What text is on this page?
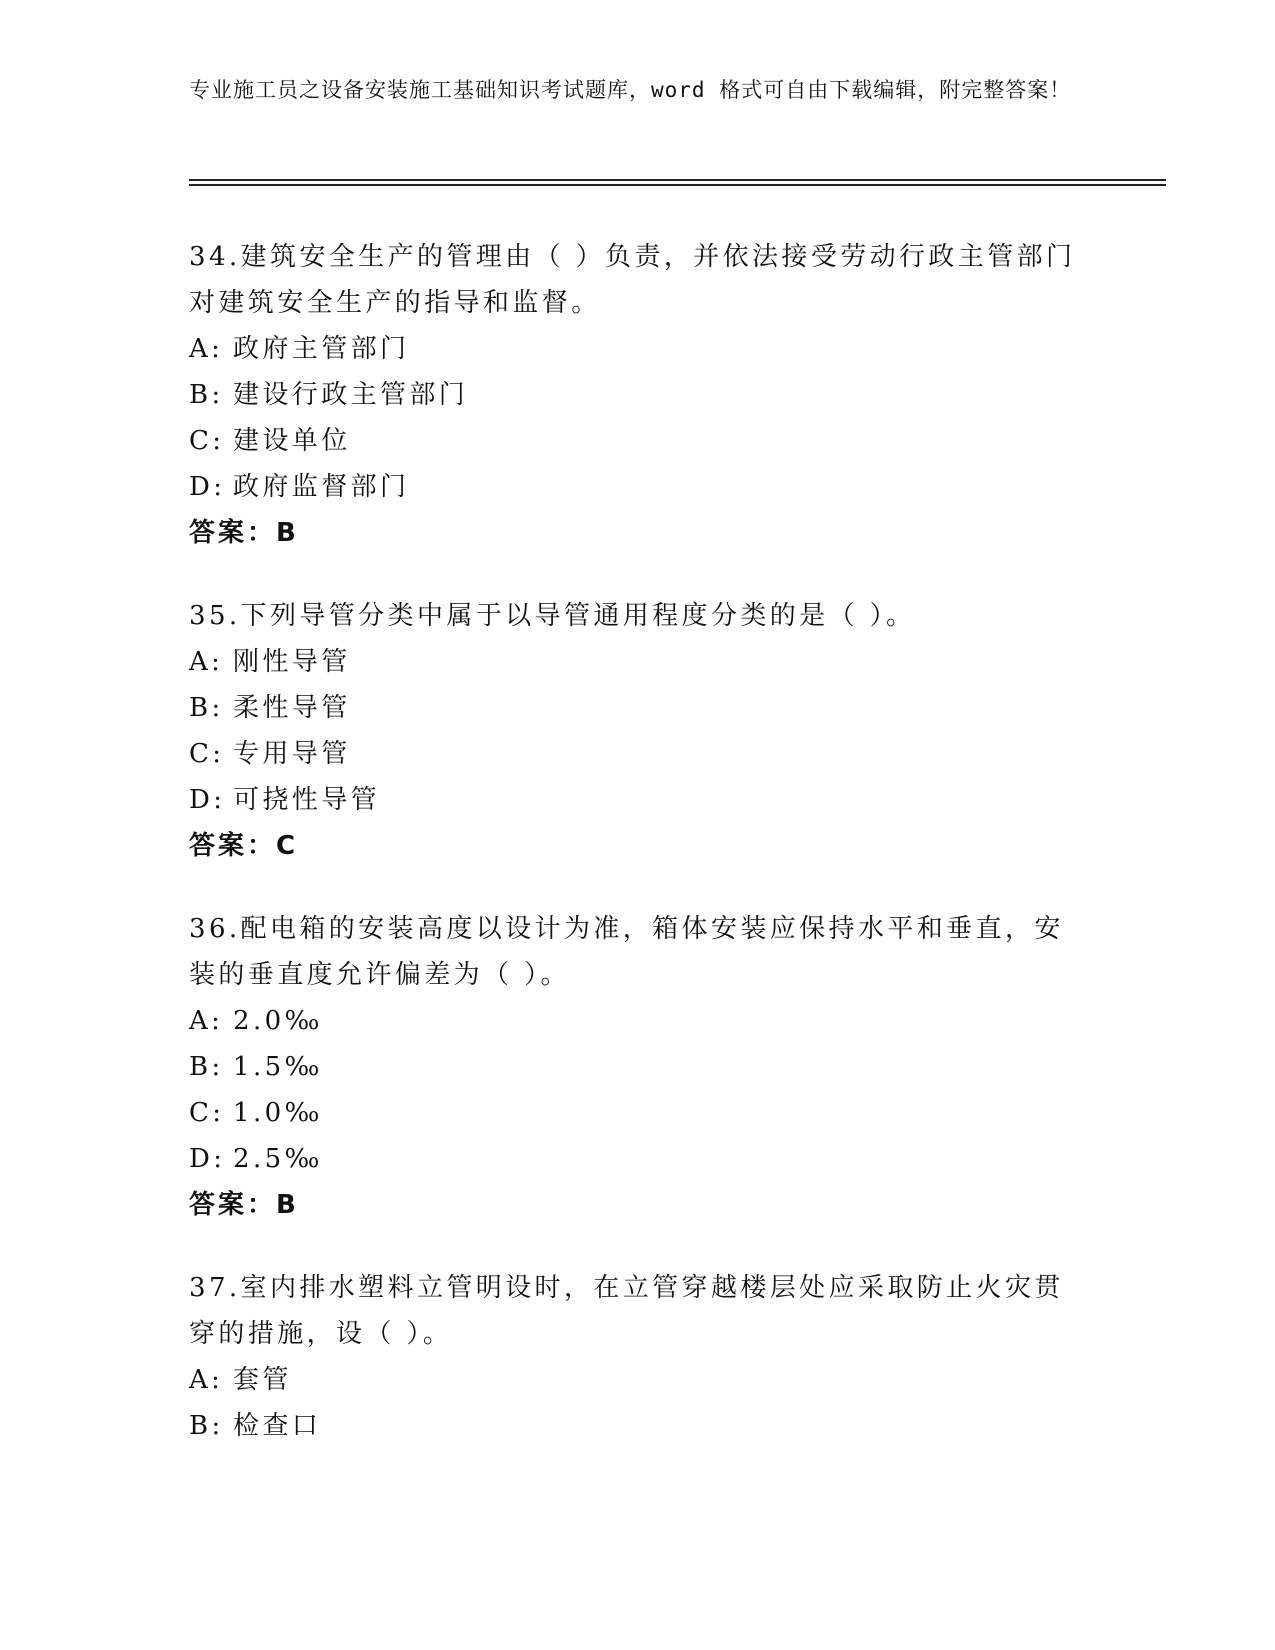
专业施工员之设备安装施工基础知识考试题库，word 格式可自由下载编辑，附完整答案！

34.建筑安全生产的管理由（ ）负责，并依法接受劳动行政主管部门对建筑安全生产的指导和监督。

A: 政府主管部门
B: 建设行政主管部门
C: 建设单位
D: 政府监督部门
答案：B

35.下列导管分类中属于以导管通用程度分类的是（ ）。

A: 刚性导管
B: 柔性导管
C: 专用导管
D: 可挠性导管
答案：C

36.配电箱的安装高度以设计为准，箱体安装应保持水平和垂直，安装的垂直度允许偏差为（ ）。

A: 2.0‰
B: 1.5‰
C: 1.0‰
D: 2.5‰
答案：B

37.室内排水塑料立管明设时，在立管穿越楼层处应采取防止火灾贯穿的措施，设（ ）。

A: 套管
B: 检查口
